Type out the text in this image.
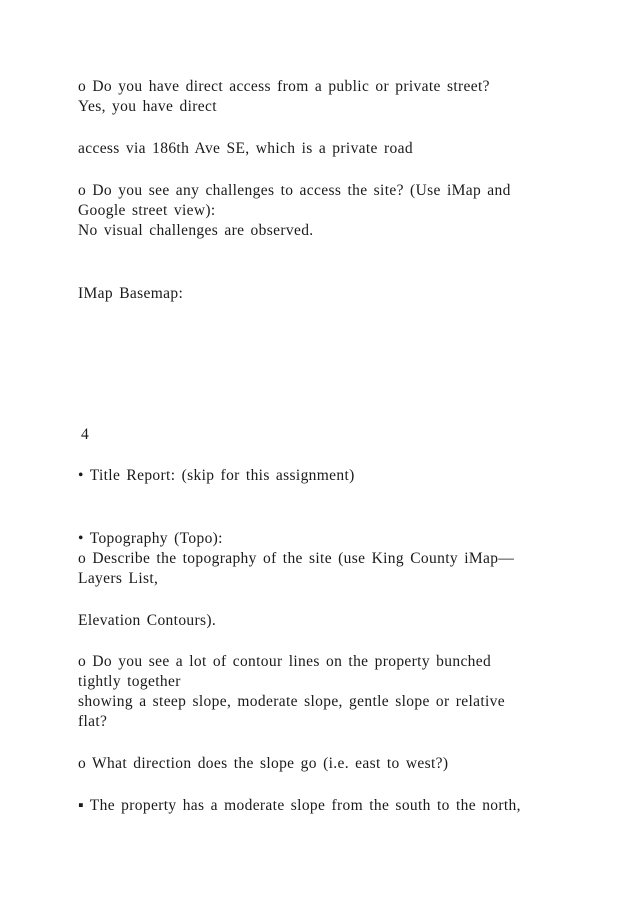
o Do you have direct access from a public or private street?
Yes, you have direct
access via 186th Ave SE, which is a private road
o Do you see any challenges to access the site? (Use iMap and
Google street view):
No visual challenges are observed.
IMap Basemap:
4
• Title Report: (skip for this assignment)
• Topography (Topo):
o Describe the topography of the site (use King County iMap—
Layers List,
Elevation Contours).
o Do you see a lot of contour lines on the property bunched
tightly together
showing a steep slope, moderate slope, gentle slope or relative
flat?
o What direction does the slope go (i.e. east to west?)
▪ The property has a moderate slope from the south to the north,
